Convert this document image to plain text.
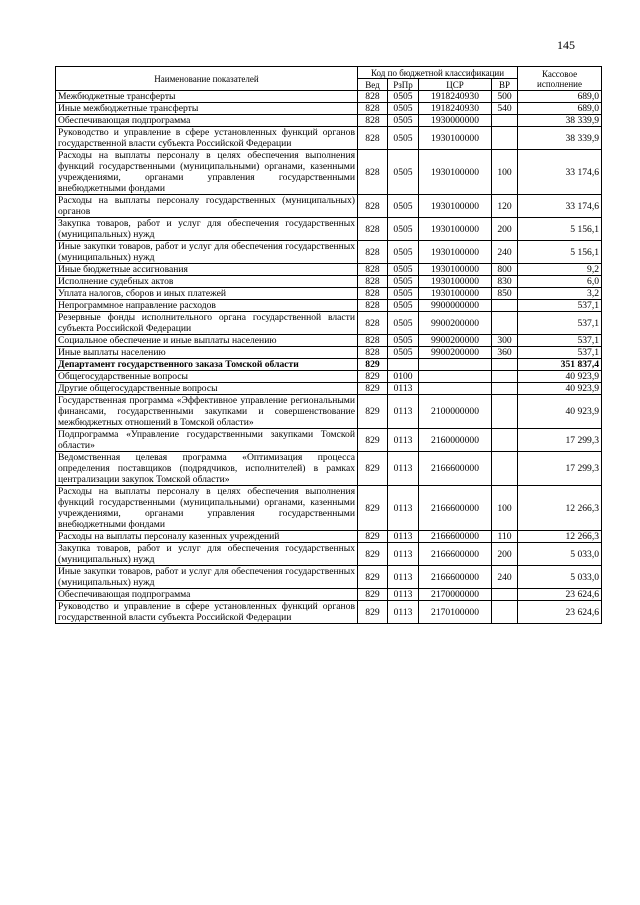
145
Наименование показателей	Код по бюджетной классификации				Кассовое
исполнение
	Вед	РзПр	ЦСР	ВР	
Межбюджетные трансферты	828	0505	1918240930	500	689,0
Иные межбюджетные трансферты	828	0505	1918240930	540	689,0
Обеспечивающая подпрограмма	828	0505	1930000000		38 339,9
Руководство и управление в сфере установленных функций органов государственной власти субъекта Российской Федерации	828	0505	1930100000		38 339,9
Расходы на выплаты персоналу в целях обеспечения выполнения функций государственными (муниципальными) органами, казенными учреждениями, органами управления государственными внебюджетными фондами	828	0505	1930100000	100	33 174,6
Расходы на выплаты персоналу государственных (муниципальных) органов	828	0505	1930100000	120	33 174,6
Закупка товаров, работ и услуг для обеспечения государственных (муниципальных) нужд	828	0505	1930100000	200	5 156,1
Иные закупки товаров, работ и услуг для обеспечения государственных (муниципальных) нужд	828	0505	1930100000	240	5 156,1
Иные бюджетные ассигнования	828	0505	1930100000	800	9,2
Исполнение судебных актов	828	0505	1930100000	830	6,0
Уплата налогов, сборов и иных платежей	828	0505	1930100000	850	3,2
Непрограммное направление расходов	828	0505	9900000000		537,1
Резервные фонды исполнительного органа государственной власти субъекта Российской Федерации	828	0505	9900200000		537,1
Социальное обеспечение и иные выплаты населению	828	0505	9900200000	300	537,1
Иные выплаты населению	828	0505	9900200000	360	537,1
Департамент государственного заказа Томской области	829				351 837,4
Общегосударственные вопросы	829	0100			40 923,9
Другие общегосударственные вопросы	829	0113			40 923,9
Государственная программа «Эффективное управление региональными финансами, государственными закупками и совершенствование межбюджетных отношений в Томской области»	829	0113	2100000000		40 923,9
Подпрограмма «Управление государственными закупками Томской области»	829	0113	2160000000		17 299,3
Ведомственная целевая программа «Оптимизация процесса определения поставщиков (подрядчиков, исполнителей) в рамках централизации закупок Томской области»	829	0113	2166600000		17 299,3
Расходы на выплаты персоналу в целях обеспечения выполнения функций государственными (муниципальными) органами, казенными учреждениями, органами управления государственными внебюджетными фондами	829	0113	2166600000	100	12 266,3
Расходы на выплаты персоналу казенных учреждений	829	0113	2166600000	110	12 266,3
Закупка товаров, работ и услуг для обеспечения государственных (муниципальных) нужд	829	0113	2166600000	200	5 033,0
Иные закупки товаров, работ и услуг для обеспечения государственных (муниципальных) нужд	829	0113	2166600000	240	5 033,0
Обеспечивающая подпрограмма	829	0113	2170000000		23 624,6
Руководство и управление в сфере установленных функций органов государственной власти субъекта Российской Федерации	829	0113	2170100000		23 624,6
